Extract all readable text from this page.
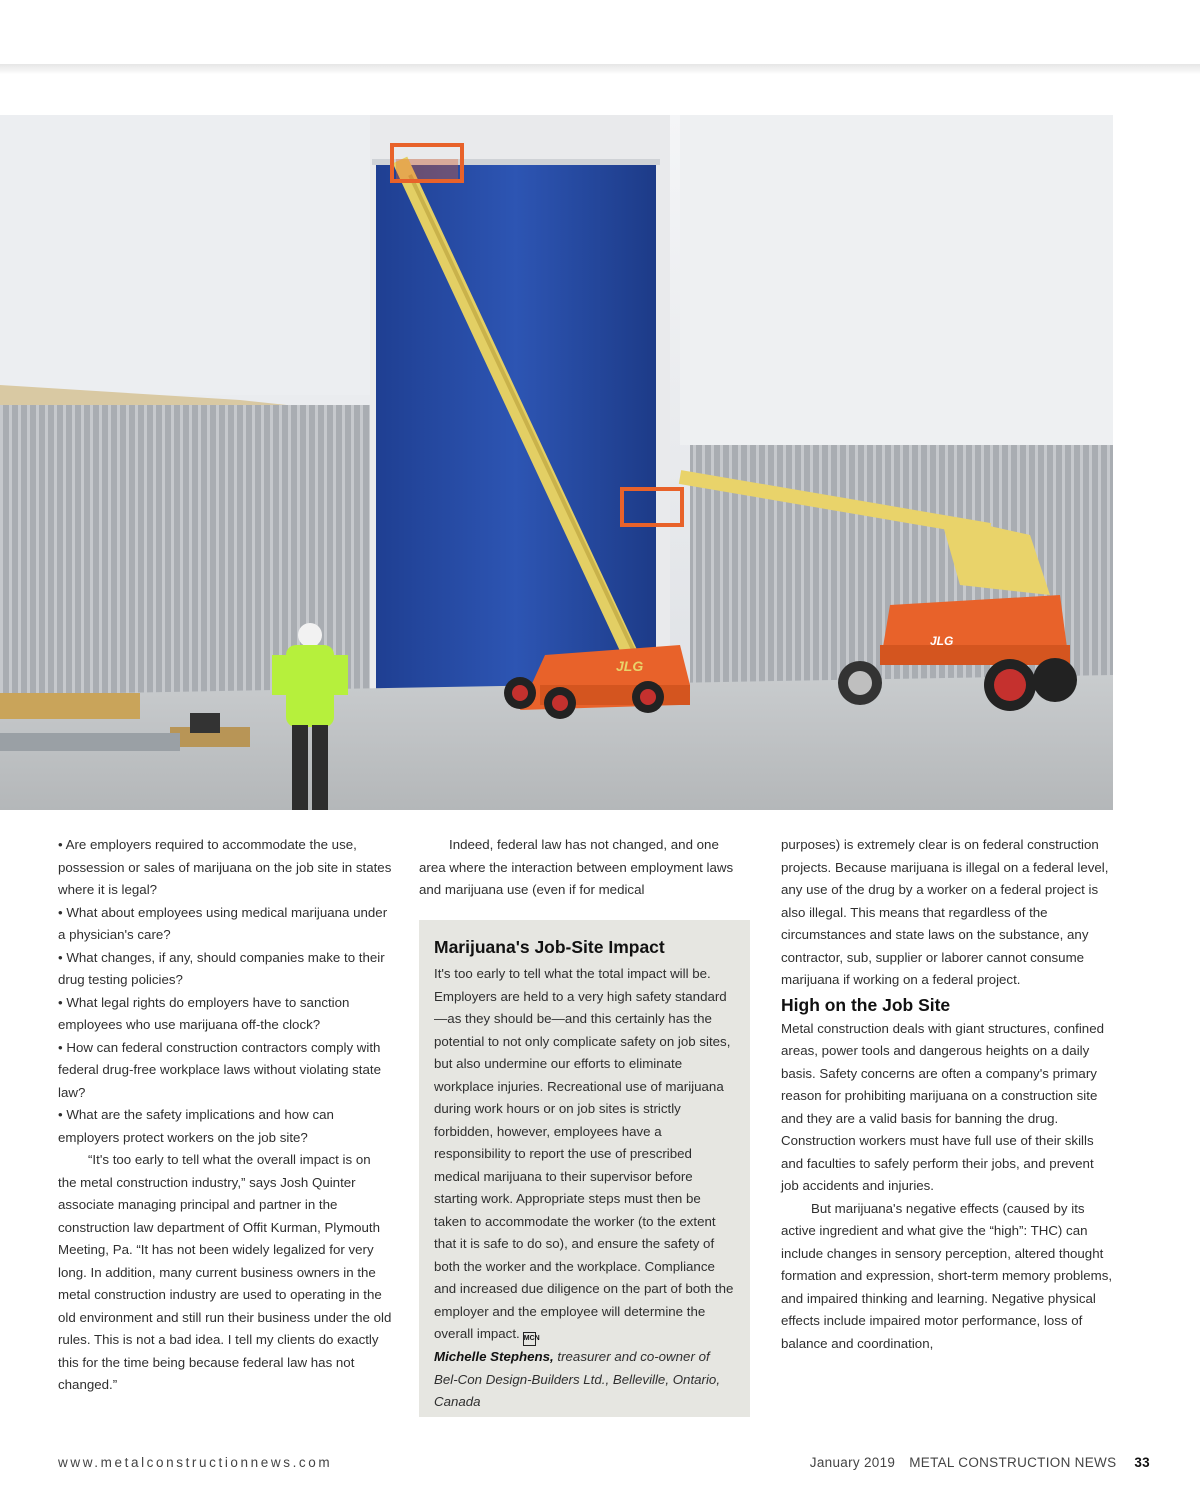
JLG
JLG

• Are employers required to accommodate the use, possession or sales of marijuana on the job site in states where it is legal?

• What about employees using medical marijuana under a physician's care?

• What changes, if any, should companies make to their drug testing policies?

• What legal rights do employers have to sanction employees who use marijuana off-the clock?

• How can federal construction contractors comply with federal drug-free workplace laws without violating state law?

• What are the safety implications and how can employers protect workers on the job site?

“It's too early to tell what the overall impact is on the metal construction industry,” says Josh Quinter associate managing principal and partner in the construction law department of Offit Kurman, Plymouth Meeting, Pa. “It has not been widely legalized for very long. In addition, many current business owners in the metal construction industry are used to operating in the old environment and still run their business under the old rules. This is not a bad idea. I tell my clients do exactly this for the time being because federal law has not changed.”

Indeed, federal law has not changed, and one area where the interaction between employment laws and marijuana use (even if for medical

Marijuana's Job-Site Impact
It's too early to tell what the total impact will be. Employers are held to a very high safety standard—as they should be—and this certainly has the potential to not only complicate safety on job sites, but also undermine our efforts to eliminate workplace injuries. Recreational use of marijuana during work hours or on job sites is strictly forbidden, however, employees have a responsibility to report the use of prescribed medical marijuana to their supervisor before starting work. Appropriate steps must then be taken to accommodate the worker (to the extent that it is safe to do so), and ensure the safety of both the worker and the workplace. Compliance and increased due diligence on the part of both the employer and the employee will determine the overall impact. MCN
Michelle Stephens, treasurer and co-owner of Bel-Con Design-Builders Ltd., Belleville, Ontario, Canada

purposes) is extremely clear is on federal construction projects. Because marijuana is illegal on a federal level, any use of the drug by a worker on a federal project is also illegal. This means that regardless of the circumstances and state laws on the substance, any contractor, sub, supplier or laborer cannot consume marijuana if working on a federal project.

High on the Job Site

Metal construction deals with giant structures, confined areas, power tools and dangerous heights on a daily basis. Safety concerns are often a company's primary reason for prohibiting marijuana on a construction site and they are a valid basis for banning the drug. Construction workers must have full use of their skills and faculties to safely perform their jobs, and prevent job accidents and injuries.

But marijuana's negative effects (caused by its active ingredient and what give the “high”: THC) can include changes in sensory perception, altered thought formation and expression, short-term memory problems, and impaired thinking and learning. Negative physical effects include impaired motor performance, loss of balance and coordination,

www.metalconstructionnews.com	January 2019 METAL CONSTRUCTION NEWS 33
